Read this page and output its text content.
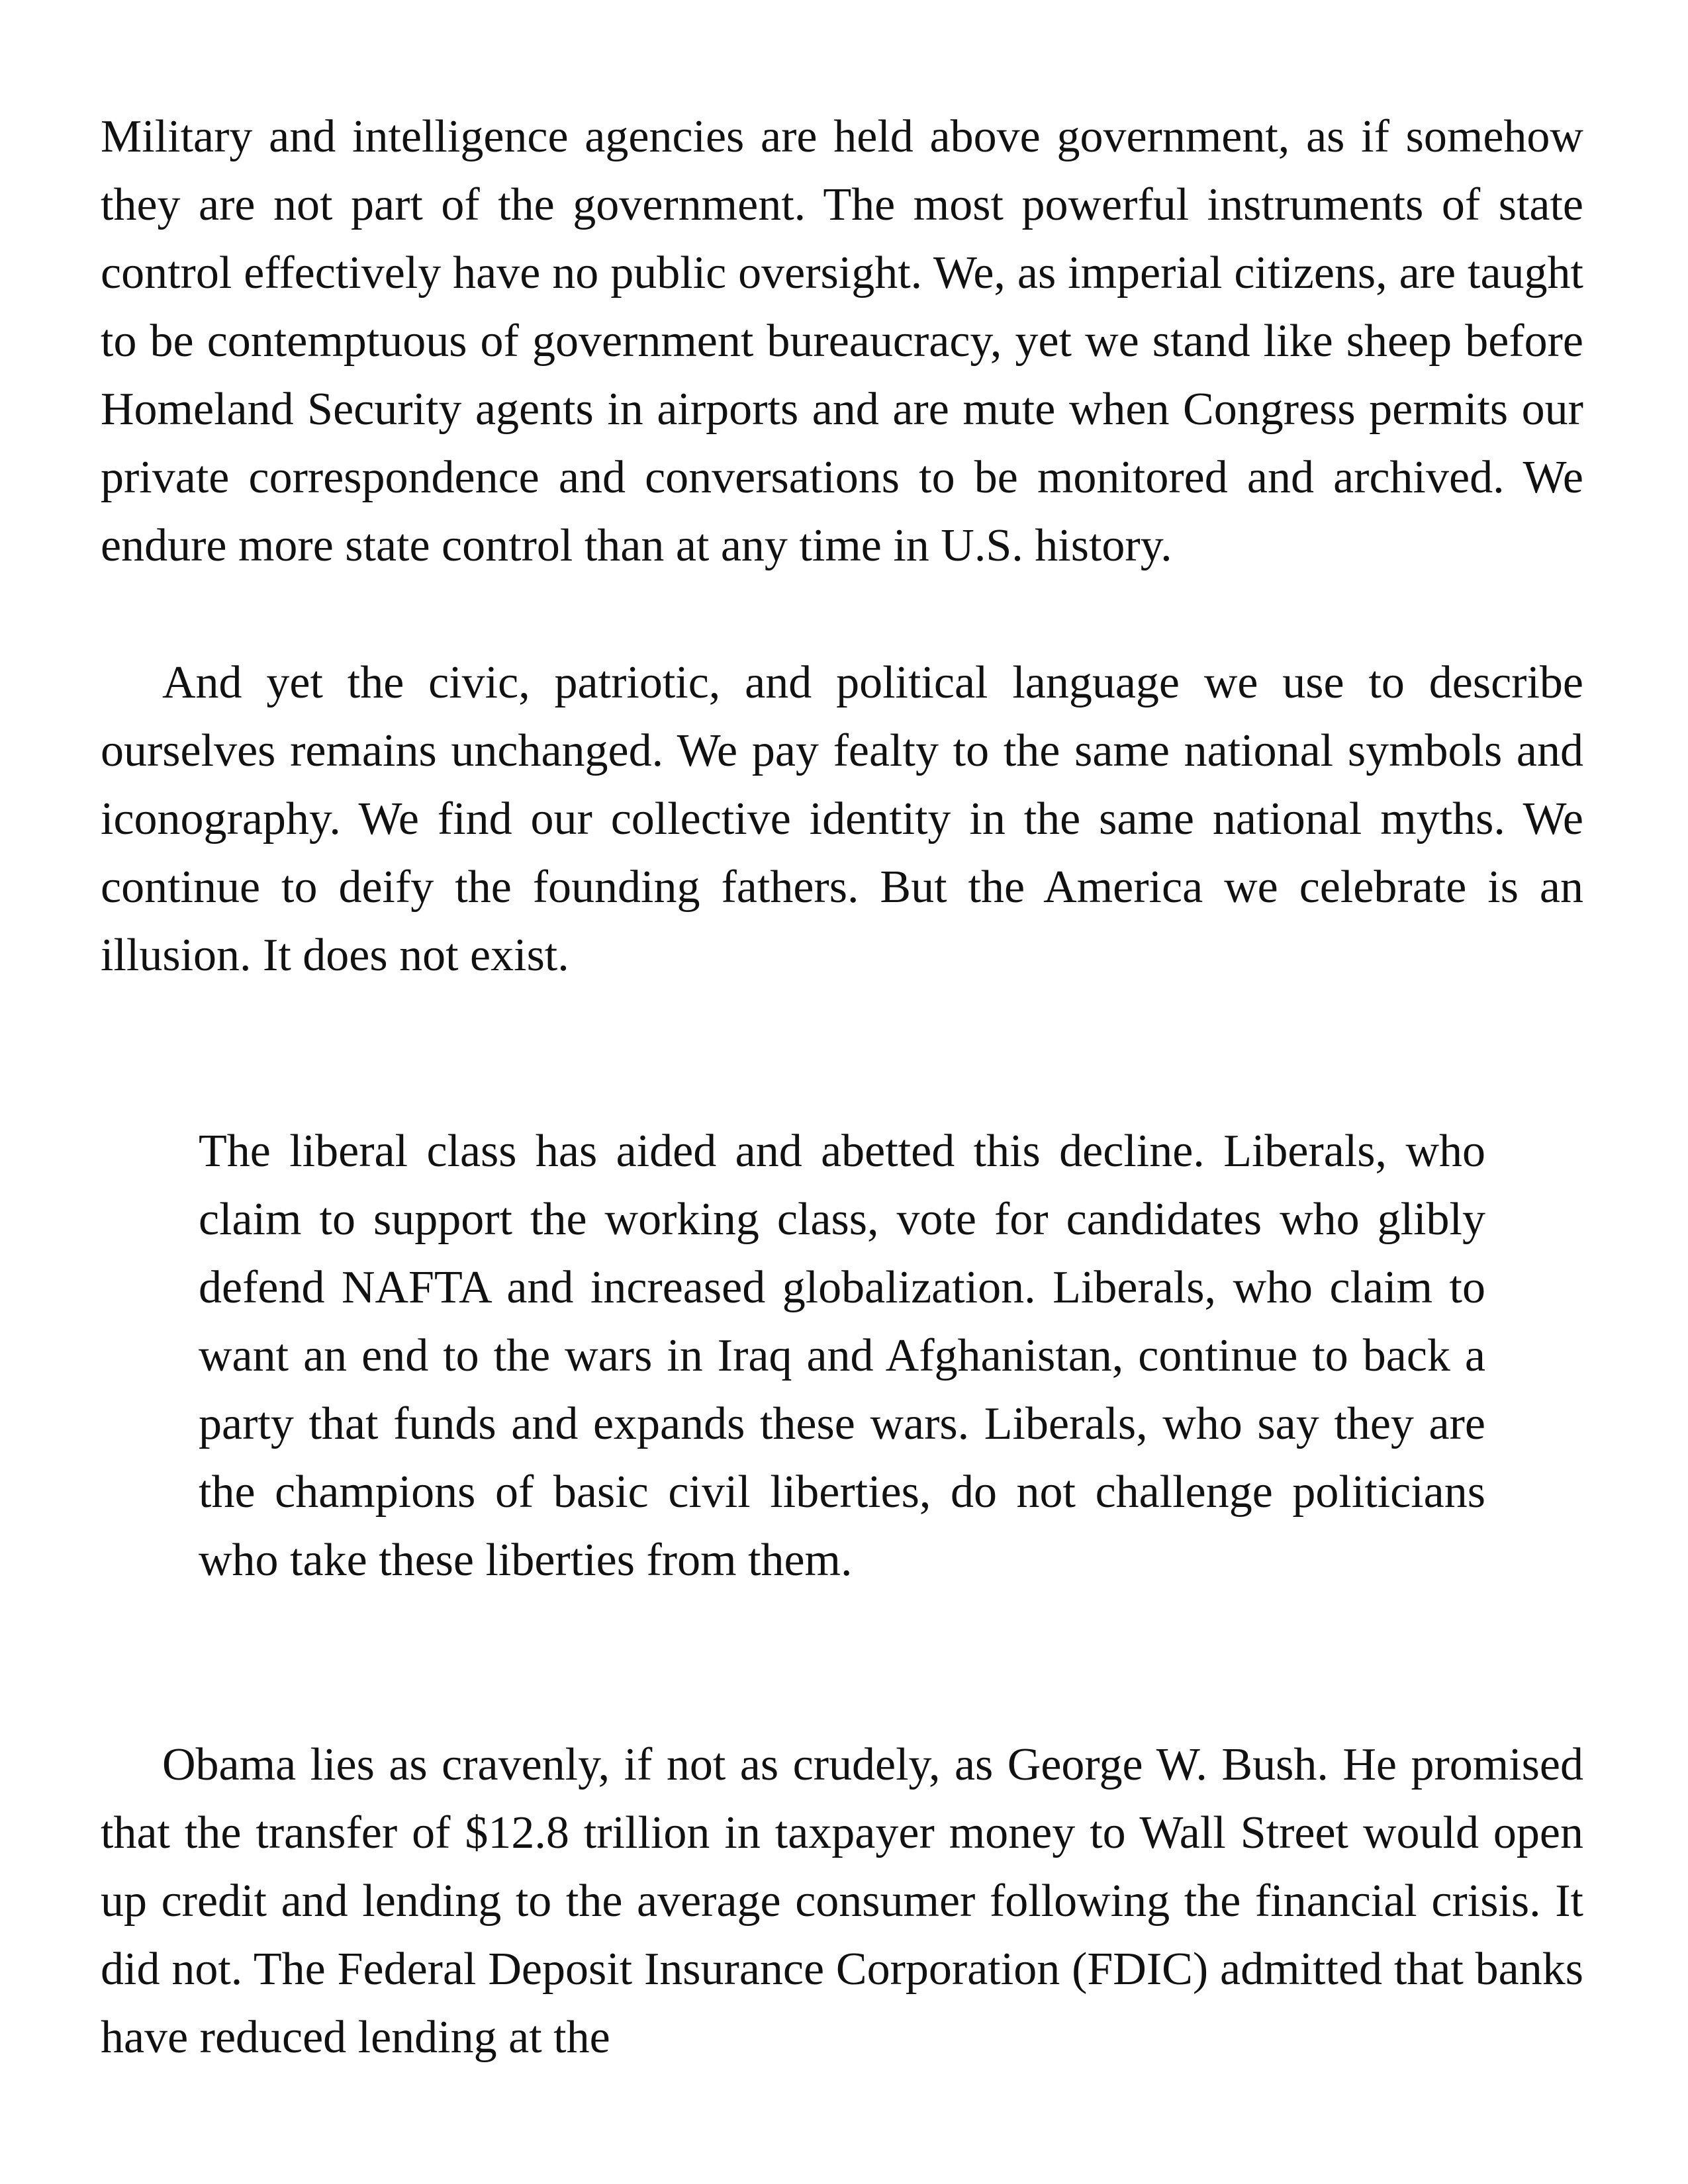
Military and intelligence agencies are held above government, as if somehow they are not part of the government. The most powerful instruments of state control effectively have no public oversight. We, as imperial citizens, are taught to be contemptuous of government bureaucracy, yet we stand like sheep before Homeland Security agents in airports and are mute when Congress permits our private correspondence and conversations to be monitored and archived. We endure more state control than at any time in U.S. history.

And yet the civic, patriotic, and political language we use to describe ourselves remains unchanged. We pay fealty to the same national symbols and iconography. We find our collective identity in the same national myths. We continue to deify the founding fathers. But the America we celebrate is an illusion. It does not exist.

The liberal class has aided and abetted this decline. Liberals, who claim to support the working class, vote for candidates who glibly defend NAFTA and increased globalization. Liberals, who claim to want an end to the wars in Iraq and Afghanistan, continue to back a party that funds and expands these wars. Liberals, who say they are the champions of basic civil liberties, do not challenge politicians who take these liberties from them.

Obama lies as cravenly, if not as crudely, as George W. Bush. He promised that the transfer of $12.8 trillion in taxpayer money to Wall Street would open up credit and lending to the average consumer following the financial crisis. It did not. The Federal Deposit Insurance Corporation (FDIC) admitted that banks have reduced lending at the
